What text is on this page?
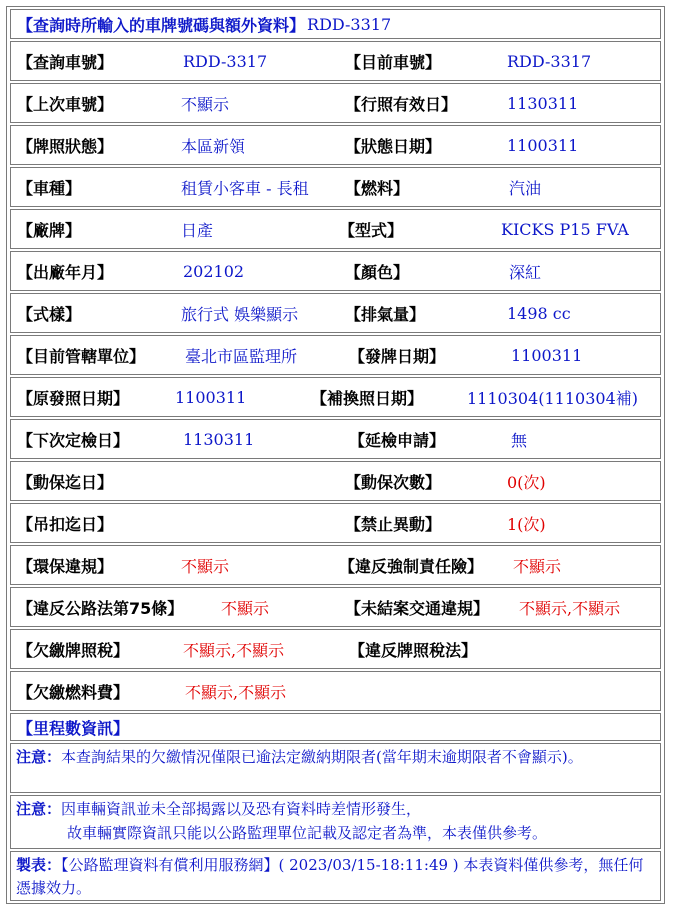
【查詢時所輸入的車牌號碼與額外資料】 RDD-3317
【查詢車號】	RDD-3317	【目前車號】	RDD-3317
【上次車號】	不顯示	【行照有效日】	1130311
【牌照狀態】	本區新領	【狀態日期】	1100311
【車種】	租賃小客車 - 長租 【燃料】	汽油
【廠牌】	日產	【型式】	KICKS P15 FVA
【出廠年月】	202102	【顏色】	深紅
【式樣】	旅行式 娛樂顯示	【排氣量】	1498 cc
【目前管轄單位】 臺北市區監理所	【發牌日期】	1100311
【原發照日期】	1100311	【補換照日期】	1110304(1110304補)
【下次定檢日】	1130311	【延檢申請】	無
【動保迄日】	【動保次數】	0(次)
【吊扣迄日】	【禁止異動】	1(次)
【環保違規】	不顯示	【違反強制責任險】 不顯示
【違反公路法第75條】 不顯示	【未結案交通違規】 不顯示,不顯示
【欠繳牌照稅】	不顯示,不顯示	【違反牌照稅法】
【欠繳燃料費】	不顯示,不顯示
【里程數資訊】
注意：本查詢結果的欠繳情況僅限已逾法定繳納期限者(當年期末逾期限者不會顯示)。
注意：因車輛資訊並未全部揭露以及恐有資料時差情形發生，
故車輛實際資訊只能以公路監理單位記載及認定者為準，本表僅供參考。
製表：【公路監理資料有償利用服務網】( 2023/03/15-18:11:49 ) 本表資料僅供參考，無任何憑據效力。
